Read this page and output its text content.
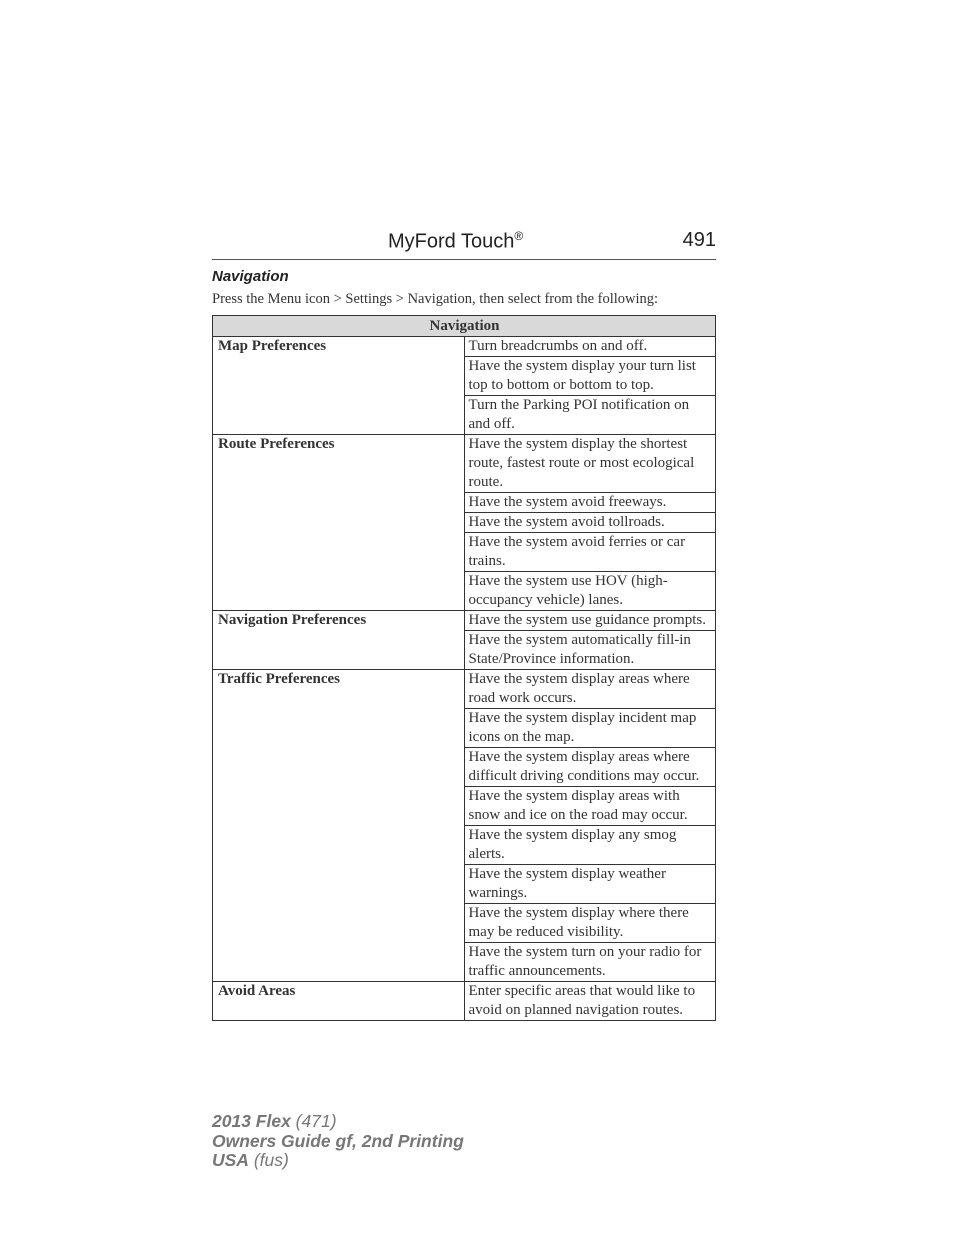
MyFord Touch®	491
Navigation
Press the Menu icon > Settings > Navigation, then select from the following:
Navigation	
Map Preferences	Turn breadcrumbs on and off.
	Have the system display your turn list top to bottom or bottom to top.
	Turn the Parking POI notification on and off.
Route Preferences	Have the system display the shortest route, fastest route or most ecological route.
	Have the system avoid freeways.
	Have the system avoid tollroads.
	Have the system avoid ferries or car trains.
	Have the system use HOV (high-occupancy vehicle) lanes.
Navigation Preferences	Have the system use guidance prompts.
	Have the system automatically fill-in State/Province information.
Traffic Preferences	Have the system display areas where road work occurs.
	Have the system display incident map icons on the map.
	Have the system display areas where difficult driving conditions may occur.
	Have the system display areas with snow and ice on the road may occur.
	Have the system display any smog alerts.
	Have the system display weather warnings.
	Have the system display where there may be reduced visibility.
	Have the system turn on your radio for traffic announcements.
Avoid Areas	Enter specific areas that would like to avoid on planned navigation routes.
2013 Flex (471)
Owners Guide gf, 2nd Printing
USA (fus)
